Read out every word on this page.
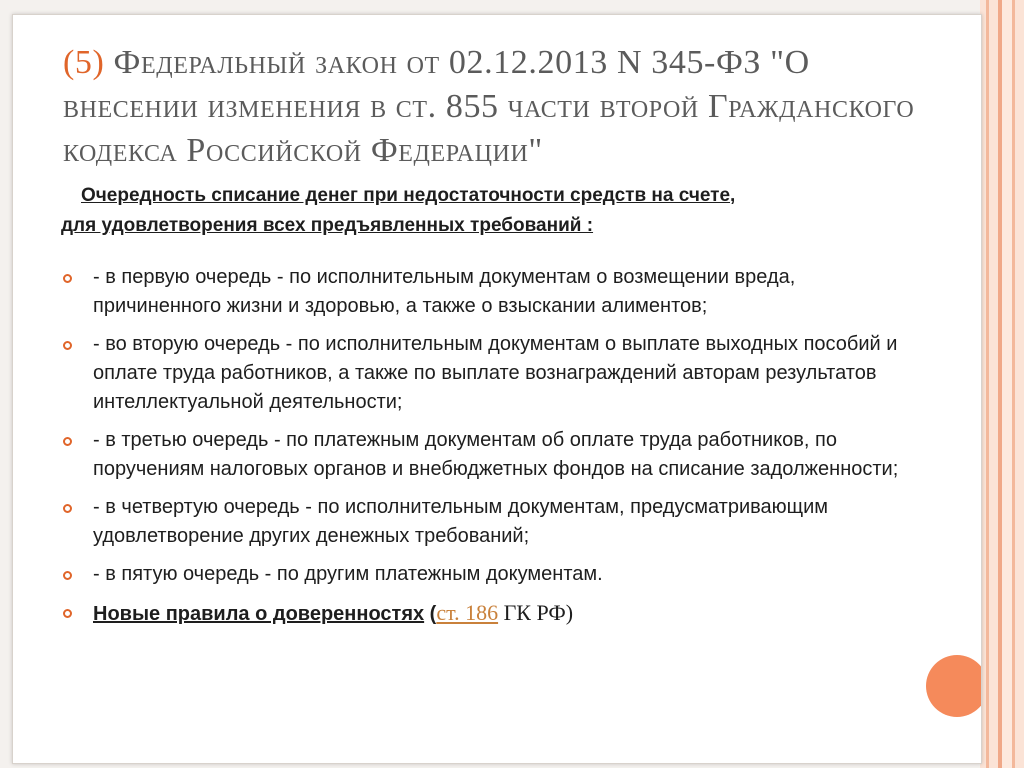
(5) Федеральный закон от 02.12.2013 N 345-ФЗ "О внесении изменения в ст. 855 части второй Гражданского кодекса Российской Федерации"
Очередность списание денег при недостаточности средств на счете,
для удовлетворения всех предъявленных требований :
- в первую очередь - по исполнительным документам о возмещении вреда, причиненного жизни и здоровью, а также о взыскании алиментов;
- во вторую очередь - по исполнительным документам о выплате выходных пособий и оплате труда работников, а также по выплате вознаграждений авторам результатов интеллектуальной деятельности;
- в третью очередь - по платежным документам об оплате труда работников, по поручениям налоговых органов и внебюджетных фондов на списание задолженности;
- в четвертую очередь - по исполнительным документам, предусматривающим удовлетворение других денежных требований;
- в пятую очередь - по другим платежным документам.
Новые правила о доверенностях (ст. 186 ГК РФ)
